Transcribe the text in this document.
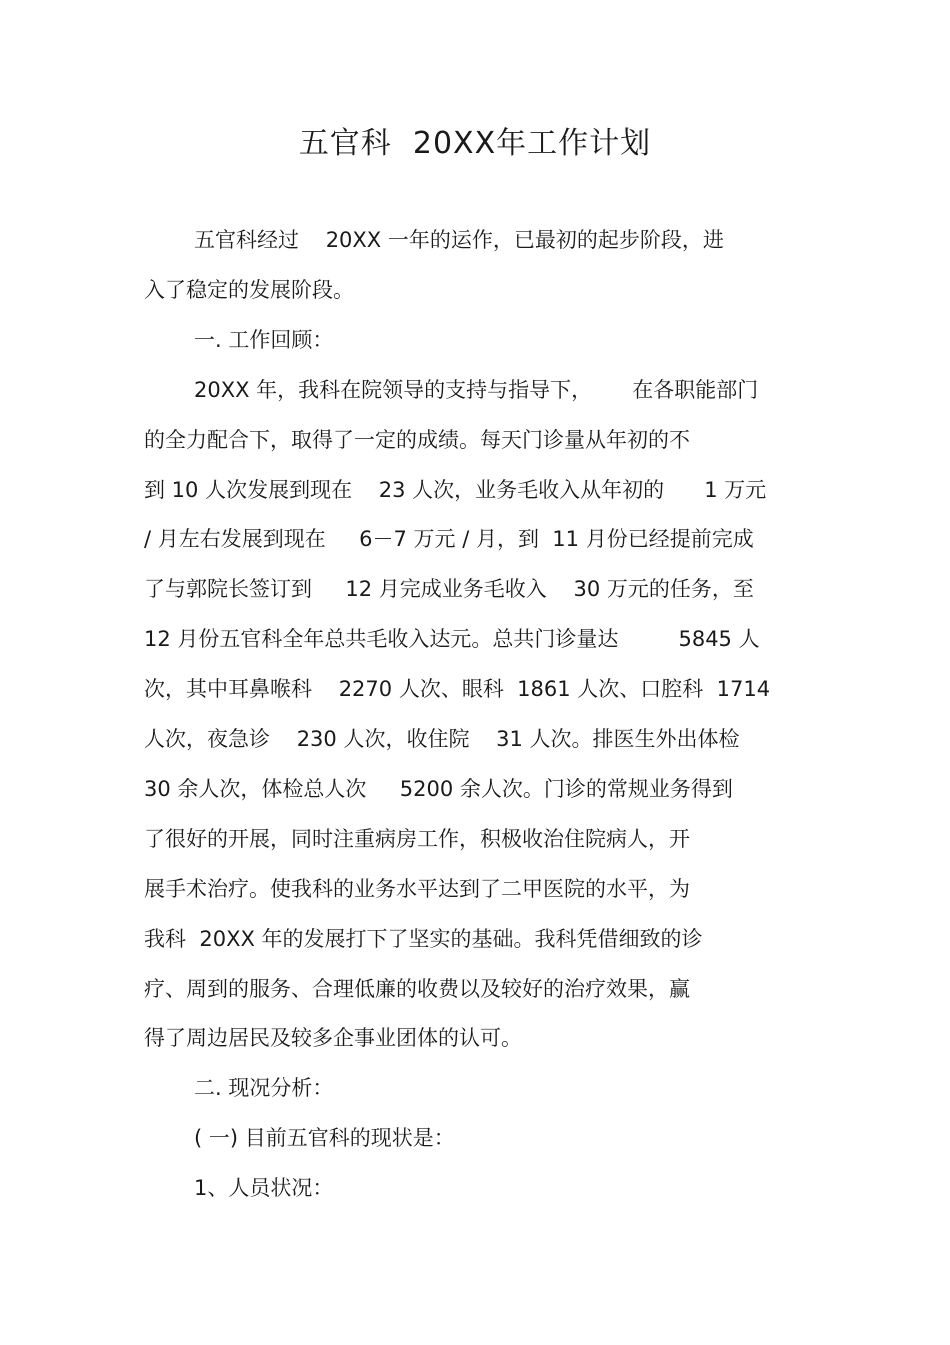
五官科  20XX年工作计划
五官科经过    20XX 一年的运作，已最初的起步阶段，进
入了稳定的发展阶段。
一. 工作回顾：
20XX 年，我科在院领导的支持与指导下，      在各职能部门
的全力配合下，取得了一定的成绩。每天门诊量从年初的不
到 10 人次发展到现在    23 人次，业务毛收入从年初的      1 万元
/ 月左右发展到现在     6－7 万元 / 月，到  11 月份已经提前完成
了与郭院长签订到     12 月完成业务毛收入    30 万元的任务，至
12 月份五官科全年总共毛收入达元。总共门诊量达         5845 人
次，其中耳鼻喉科    2270 人次、眼科  1861 人次、口腔科  1714
人次，夜急诊    230 人次，收住院    31 人次。排医生外出体检
30 余人次，体检总人次     5200 余人次。门诊的常规业务得到
了很好的开展，同时注重病房工作，积极收治住院病人，开
展手术治疗。使我科的业务水平达到了二甲医院的水平，为
我科  20XX 年的发展打下了坚实的基础。我科凭借细致的诊
疗、周到的服务、合理低廉的收费以及较好的治疗效果，赢
得了周边居民及较多企事业团体的认可。
二. 现况分析：
( 一) 目前五官科的现状是：
1、人员状况：
